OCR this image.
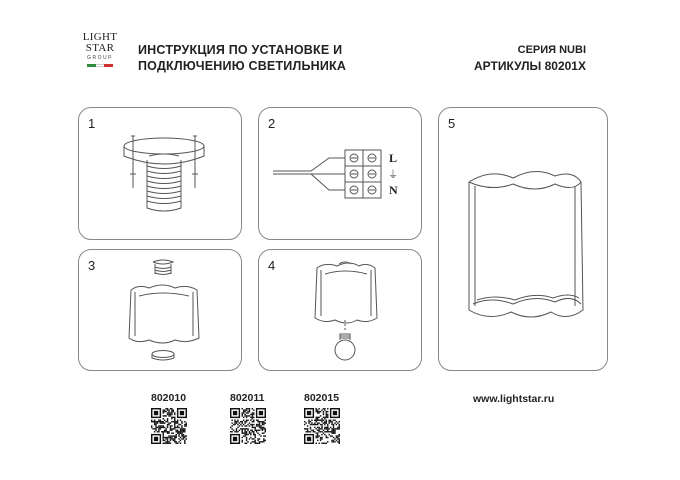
LIGHT
STAR
GROUP
ИНСТРУКЦИЯ ПО УСТАНОВКЕ И
ПОДКЛЮЧЕНИЮ СВЕТИЛЬНИКА
СЕРИЯ NUBI
АРТИКУЛЫ 80201X
1	2
L
⏚
N
3	4
5
802010	802011	802015	www.lightstar.ru
